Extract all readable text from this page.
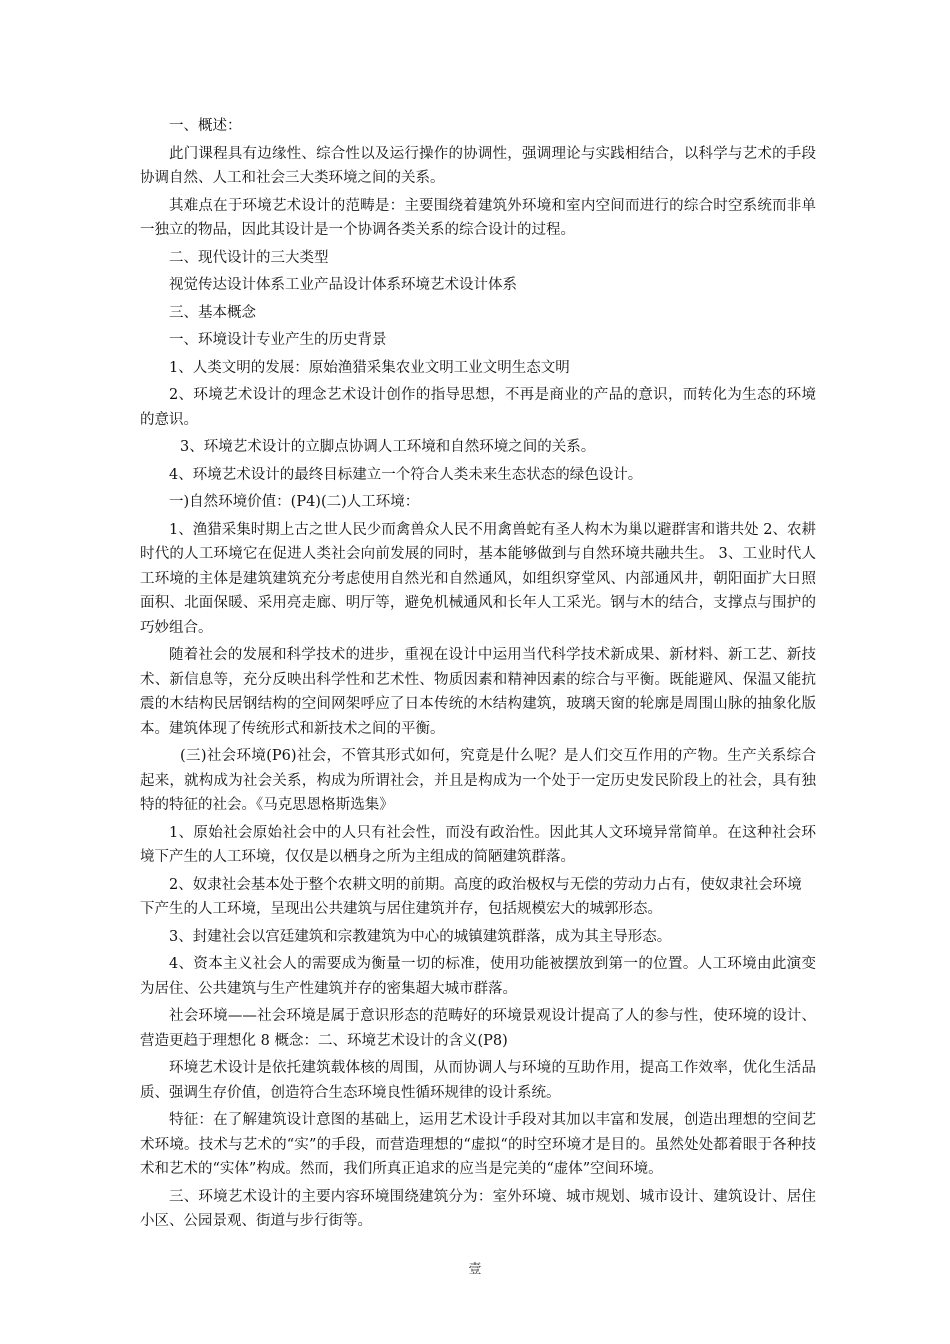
一、概述：

此门课程具有边缘性、综合性以及运行操作的协调性，强调理论与实践相结合，以科学与艺术的手段协调自然、人工和社会三大类环境之间的关系。

其难点在于环境艺术设计的范畴是：主要围绕着建筑外环境和室内空间而进行的综合时空系统而非单一独立的物品，因此其设计是一个协调各类关系的综合设计的过程。

二、现代设计的三大类型

视觉传达设计体系工业产品设计体系环境艺术设计体系

三、基本概念

一、环境设计专业产生的历史背景

1、人类文明的发展：原始渔猎采集农业文明工业文明生态文明

2、环境艺术设计的理念艺术设计创作的指导思想，不再是商业的产品的意识，而转化为生态的环境的意识。

3、环境艺术设计的立脚点协调人工环境和自然环境之间的关系。

4、环境艺术设计的最终目标建立一个符合人类未来生态状态的绿色设计。

一)自然环境价值：(P4)(二)人工环境：

1、渔猎采集时期上古之世人民少而禽兽众人民不用禽兽蛇有圣人构木为巢以避群害和谐共处 2、农耕时代的人工环境它在促进人类社会向前发展的同时，基本能够做到与自然环境共融共生。 3、工业时代人工环境的主体是建筑建筑充分考虑使用自然光和自然通风，如组织穿堂风、内部通风井，朝阳面扩大日照面积、北面保暖、采用亮走廊、明厅等，避免机械通风和长年人工采光。钢与木的结合，支撑点与围护的巧妙组合。

随着社会的发展和科学技术的进步，重视在设计中运用当代科学技术新成果、新材料、新工艺、新技术、新信息等，充分反映出科学性和艺术性、物质因素和精神因素的综合与平衡。既能避风、保温又能抗震的木结构民居钢结构的空间网架呼应了日本传统的木结构建筑，玻璃天窗的轮廓是周围山脉的抽象化版本。建筑体现了传统形式和新技术之间的平衡。

(三)社会环境(P6)社会，不管其形式如何，究竟是什么呢？是人们交互作用的产物。生产关系综合起来，就构成为社会关系，构成为所谓社会，并且是构成为一个处于一定历史发民阶段上的社会，具有独特的特征的社会。《马克思恩格斯选集》

1、原始社会原始社会中的人只有社会性，而没有政治性。因此其人文环境异常简单。在这种社会环境下产生的人工环境，仅仅是以栖身之所为主组成的简陋建筑群落。

2、奴隶社会基本处于整个农耕文明的前期。高度的政治极权与无偿的劳动力占有，使奴隶社会环境

下产生的人工环境，呈现出公共建筑与居住建筑并存，包括规模宏大的城郭形态。

3、封建社会以宫廷建筑和宗教建筑为中心的城镇建筑群落，成为其主导形态。

4、资本主义社会人的需要成为衡量一切的标准，使用功能被摆放到第一的位置。人工环境由此演变为居住、公共建筑与生产性建筑并存的密集超大城市群落。

社会环境——社会环境是属于意识形态的范畴好的环境景观设计提高了人的参与性，使环境的设计、营造更趋于理想化 8 概念：二、环境艺术设计的含义(P8)

环境艺术设计是依托建筑载体核的周围，从而协调人与环境的互助作用，提高工作效率，优化生活品质、强调生存价值，创造符合生态环境良性循环规律的设计系统。

特征：在了解建筑设计意图的基础上，运用艺术设计手段对其加以丰富和发展，创造出理想的空间艺术环境。技术与艺术的“实”的手段，而营造理想的“虚拟“的时空环境才是目的。虽然处处都着眼于各种技术和艺术的“实体”构成。然而，我们所真正追求的应当是完美的“虚体”空间环境。

三、环境艺术设计的主要内容环境围绕建筑分为：室外环境、城市规划、城市设计、建筑设计、居住小区、公园景观、街道与步行街等。

壹
